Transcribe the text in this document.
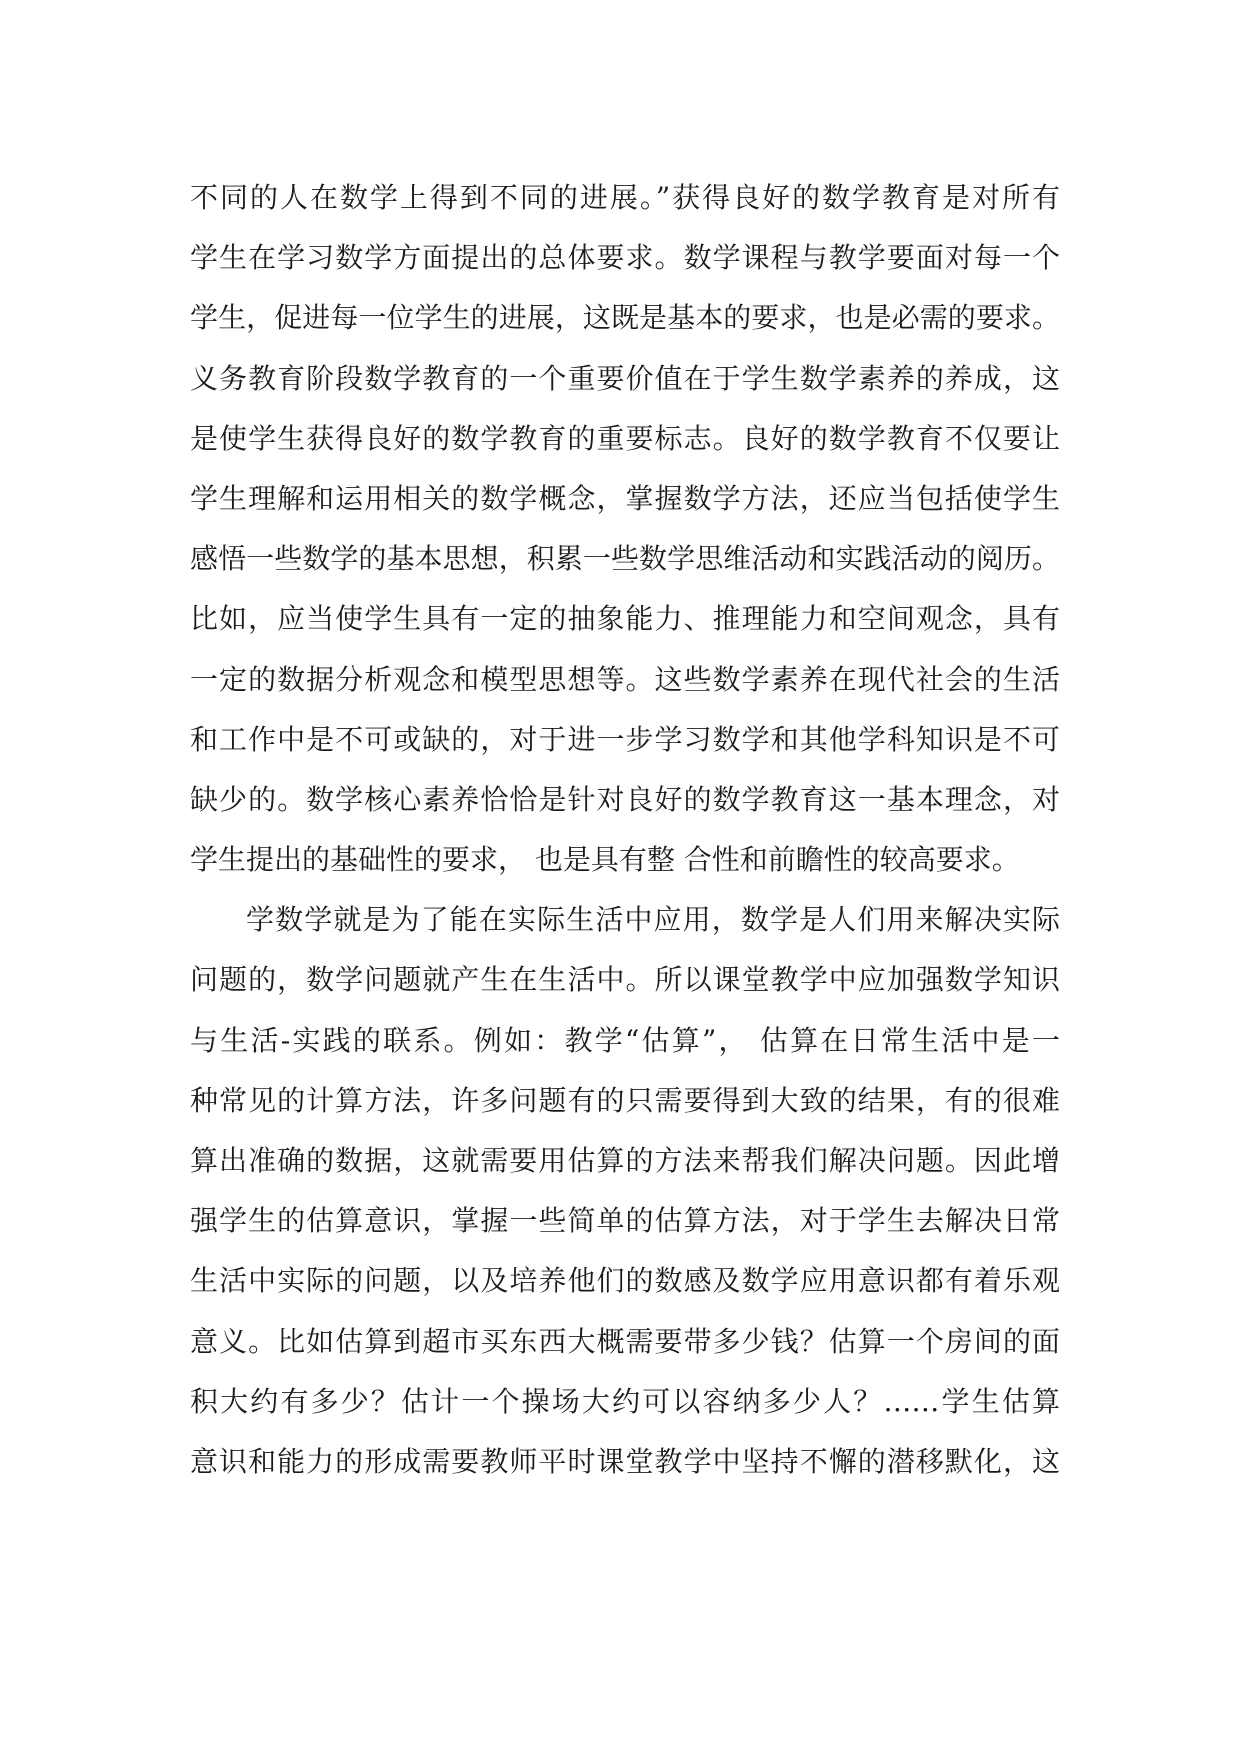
不同的人在数学上得到不同的进展。”获得良好的数学教育是对所有
学生在学习数学方面提出的总体要求。数学课程与教学要面对每一个
学生，促进每一位学生的进展，这既是基本的要求，也是必需的要求。
义务教育阶段数学教育的一个重要价值在于学生数学素养的养成，这
是使学生获得良好的数学教育的重要标志。良好的数学教育不仅要让
学生理解和运用相关的数学概念，掌握数学方法，还应当包括使学生
感悟一些数学的基本思想，积累一些数学思维活动和实践活动的阅历。
比如，应当使学生具有一定的抽象能力、推理能力和空间观念，具有
一定的数据分析观念和模型思想等。这些数学素养在现代社会的生活
和工作中是不可或缺的，对于进一步学习数学和其他学科知识是不可
缺少的。数学核心素养恰恰是针对良好的数学教育这一基本理念，对
学生提出的基础性的要求， 也是具有整 合性和前瞻性的较高要求。
学数学就是为了能在实际生活中应用，数学是人们用来解决实际
问题的，数学问题就产生在生活中。所以课堂教学中应加强数学知识
与生活-实践的联系。例如：教学“估算”， 估算在日常生活中是一
种常见的计算方法，许多问题有的只需要得到大致的结果，有的很难
算出准确的数据，这就需要用估算的方法来帮我们解决问题。因此增
强学生的估算意识，掌握一些简单的估算方法，对于学生去解决日常
生活中实际的问题，以及培养他们的数感及数学应用意识都有着乐观
意义。比如估算到超市买东西大概需要带多少钱？估算一个房间的面
积大约有多少？估计一个操场大约可以容纳多少人？……学生估算
意识和能力的形成需要教师平时课堂教学中坚持不懈的潜移默化，这
